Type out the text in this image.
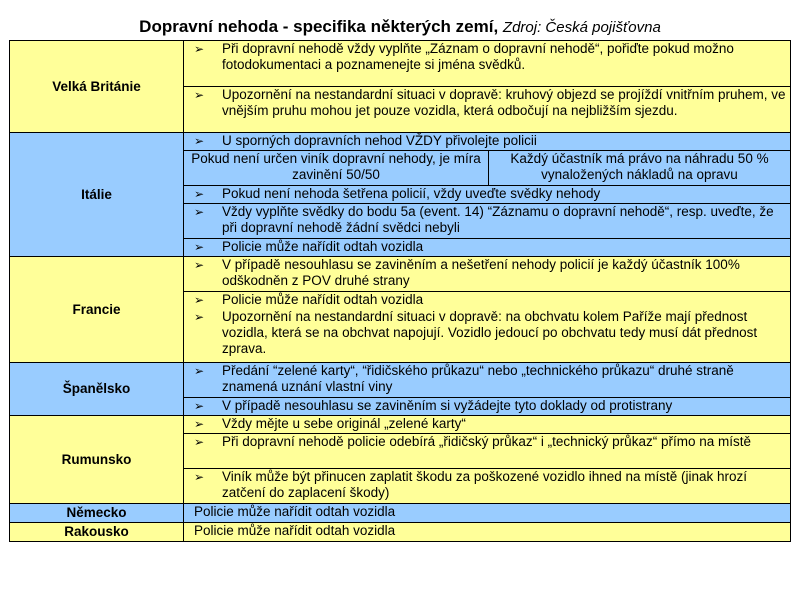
Dopravní nehoda - specifika některých zemí, Zdroj: Česká pojišťovna
Velká Británie	➢ Při dopravní nehodě vždy vyplňte „Záznam o dopravní nehodě“, pořiďte pokud možno fotodokumentaci a poznamenejte si jména svědků.	

	➢ Upozornění na nestandardní situaci v dopravě: kruhový objezd se projíždí vnitřním pruhem, ve vnějším pruhu mohou jet pouze vozidla, která odbočují na nejbližším sjezdu.	

Itálie	➢ U sporných dopravních nehod VŽDY přivolejte policii	

	Pokud není určen viník dopravní nehody, je míra zavinění 50/50	Každý účastník má právo na náhradu 50 % vynaložených nákladů na opravu

	➢ Pokud není nehoda šetřena policií, vždy uveďte svědky nehody	

	➢ Vždy vyplňte svědky do bodu 5a (event. 14) “Záznamu o dopravní nehodě“, resp. uveďte, že při dopravní nehodě žádní svědci nebyli	

	➢ Policie může nařídit odtah vozidla	

Francie	➢ V případě nesouhlasu se zaviněním a nešetření nehody policií je každý účastník 100% odškodněn z POV druhé strany	

	➢ Policie může nařídit odtah vozidla
➢ Upozornění na nestandardní situaci v dopravě: na obchvatu kolem Paříže mají přednost vozidla, která se na obchvat napojují. Vozidlo jedoucí po obchvatu tedy musí dát přednost zprava.	

Španělsko	➢ Předání “zelené karty“, “řidičského průkazu“ nebo „technického průkazu“ druhé straně znamená uznání vlastní viny	

	➢ V případě nesouhlasu se zaviněním si vyžádejte tyto doklady od protistrany	

Rumunsko	➢ Vždy mějte u sebe originál „zelené karty“	

	➢ Při dopravní nehodě policie odebírá „řidičský průkaz“ i „technický průkaz“ přímo na místě	

	➢ Viník může být přinucen zaplatit škodu za poškozené vozidlo ihned na místě (jinak hrozí zatčení do zaplacení škody)	

Německo	Policie může nařídit odtah vozidla	
Rakousko	Policie může nařídit odtah vozidla	
